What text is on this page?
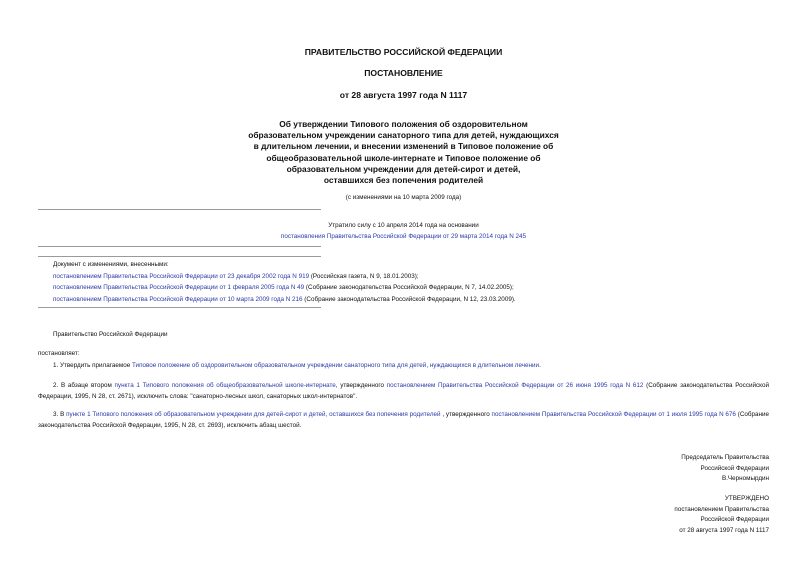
ПРАВИТЕЛЬСТВО РОССИЙСКОЙ ФЕДЕРАЦИИ
ПОСТАНОВЛЕНИЕ
от 28 августа 1997 года N 1117
Об утверждении Типового положения об оздоровительном
образовательном учреждении санаторного типа для детей, нуждающихся
в длительном лечении, и внесении изменений в Типовое положение об
общеобразовательной школе-интернате и Типовое положение об
образовательном учреждении для детей-сирот и детей,
оставшихся без попечения родителей
(с изменениями на 10 марта 2009 года)
Утратило силу с 10 апреля 2014 года на основании
постановления Правительства Российской Федерации от 29 марта 2014 года N 245
Документ с изменениями, внесенными:
постановлением Правительства Российской Федерации от 23 декабря 2002 года N 919 (Российская газета, N 9, 18.01.2003);
постановлением Правительства Российской Федерации от 1 февраля 2005 года N 49 (Собрание законодательства Российской Федерации, N 7, 14.02.2005);
постановлением Правительства Российской Федерации от 10 марта 2009 года N 216 (Собрание законодательства Российской Федерации, N 12, 23.03.2009).
Правительство Российской Федерации
постановляет:
1. Утвердить прилагаемое Типовое положение об оздоровительном образовательном учреждении санаторного типа для детей, нуждающихся в длительном лечении.
2. В абзаце втором пункта 1 Типового положения об общеобразовательной школе-интернате, утвержденного постановлением Правительства Российской Федерации от 26 июня 1995 года N 612 (Собрание законодательства Российской Федерации, 1995, N 28, ст. 2671), исключить слова: "санаторно-лесных школ, санаторных школ-интернатов".
3. В пункте 1 Типового положения об образовательном учреждении для детей-сирот и детей, оставшихся без попечения родителей , утвержденного постановлением Правительства Российской Федерации от 1 июля 1995 года N 676 (Собрание законодательства Российской Федерации, 1995, N 28, ст. 2693), исключить абзац шестой.
Председатель Правительства
Российской Федерации
В.Черномырдин
УТВЕРЖДЕНО
постановлением Правительства
Российской Федерации
от 28 августа 1997 года N 1117
